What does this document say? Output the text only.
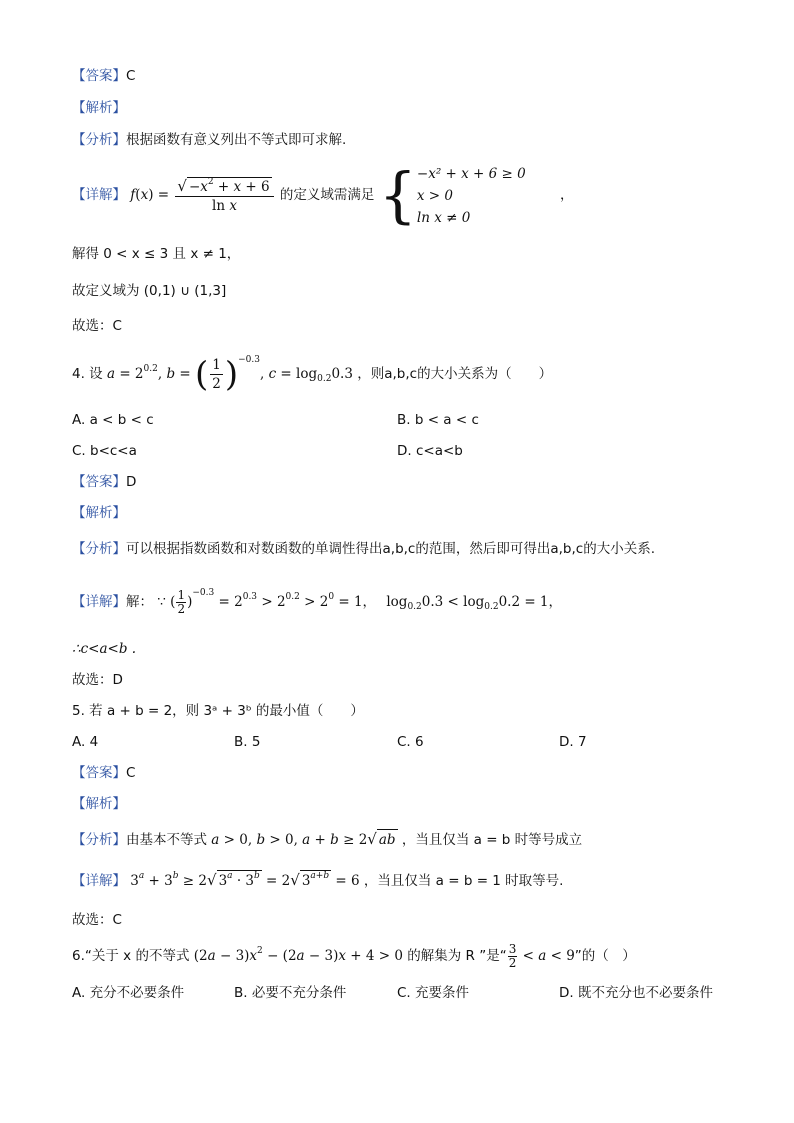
【答案】C
【解析】
【分析】根据函数有意义列出不等式即可求解.
【详解】 $f(x) = \frac{√ -x^2 + x + 6}{\text{ln x}}$ 的定义域需满足 { −x² + x + 6 ≥ 0
x > 0
ln x ≠ 0
，
解得 0 < x ≤ 3 且 x ≠ 1，
故定义域为 (0,1) ∪ (1,3]
故选：C
4. 设 $a = 2^{0.2}$, b = ( $\frac{1}{2} )^{-0.3}$, $c = \log_{0.2}0.3$ ，则a,b,c的大小关系为（　　）
A. a < b < c	B. b < a < c
C. b<c<a	D. c<a<b
【答案】D
【解析】
【分析】可以根据指数函数和对数函数的单调性得出a,b,c的范围，然后即可得出a,b,c的大小关系.
【详解】解： ∵ ( $\frac{1}{2} )^{-0.3} = 2^{0.3} > 2^{0.2} > 2^0 = 1$， $\log_{0.2}0.3 < \log_{0.2}0.2 = 1$，
∴c<a<b .
故选：D
5. 若 a + b = 2，则 3ᵃ + 3ᵇ 的最小值（　　）
A. 4	B. 5	C. 6	D. 7
【答案】C
【解析】
【分析】由基本不等式 a > 0, b > 0, a + b ≥ 2√ ab ，当且仅当 a = b 时等号成立
【详解】 $3^a + 3^b \ge 2√$ $3^a \cdot 3^b = 2√$ $3^{a+b} = 6$ ，当且仅当 a = b = 1 时取等号.
故选：C
6.“关于 x 的不等式 $(2a - 3)x^2 - (2a - 3)x + 4 > 0$ 的解集为 R ”是“ $\frac{3}{2} < a < 9$”的（　）
A. 充分不必要条件	B. 必要不充分条件	C. 充要条件	D. 既不充分也不必要条件
